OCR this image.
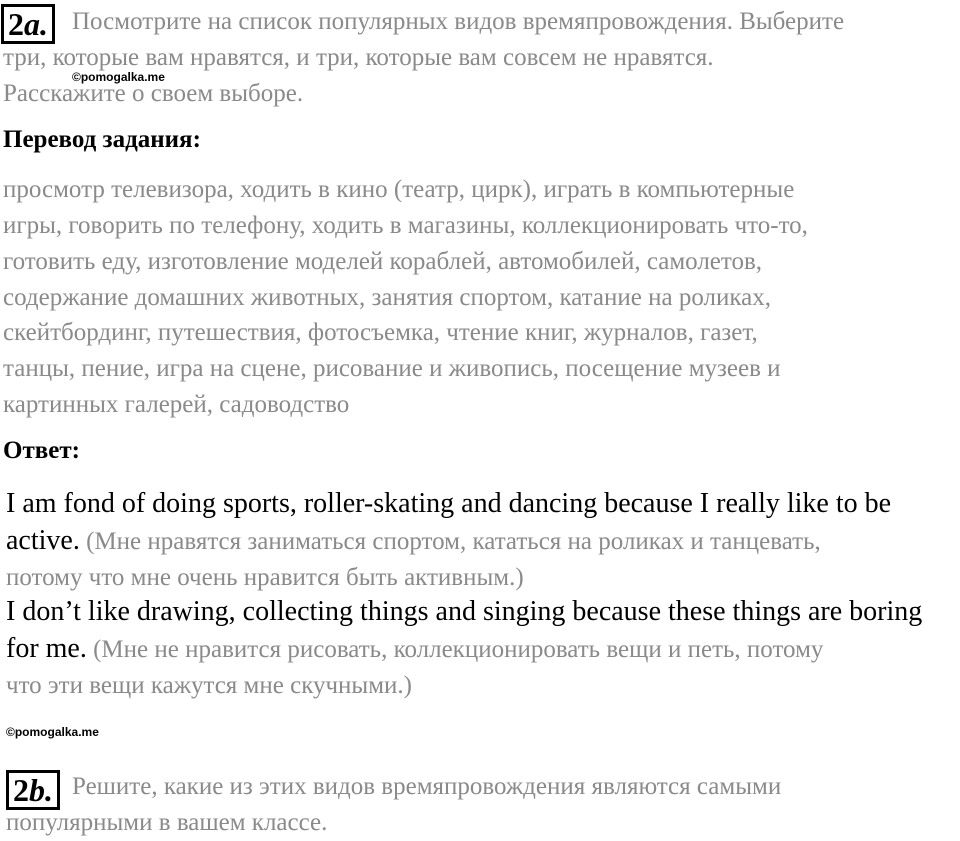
2a. Посмотрите на список популярных видов времяпровождения. Выберите
три, которые вам нравятся, и три, которые вам совсем не нравятся.
Расскажите о своем выборе.
©pomogalka.me
Перевод задания:
просмотр телевизора, ходить в кино (театр, цирк), играть в компьютерные
игры, говорить по телефону, ходить в магазины, коллекционировать что-то,
готовить еду, изготовление моделей кораблей, автомобилей, самолетов,
содержание домашних животных, занятия спортом, катание на роликах,
скейтбординг, путешествия, фотосъемка, чтение книг, журналов, газет,
танцы, пение, игра на сцене, рисование и живопись, посещение музеев и
картинных галерей, садоводство
Ответ:
I am fond of doing sports, roller-skating and dancing because I really like to be
active. (Мне нравятся заниматься спортом, кататься на роликах и танцевать,
потому что мне очень нравится быть активным.)
I don’t like drawing, collecting things and singing because these things are boring
for me. (Мне не нравится рисовать, коллекционировать вещи и петь, потому
что эти вещи кажутся мне скучными.)
©pomogalka.me
2b. Решите, какие из этих видов времяпровождения являются самыми
популярными в вашем классе.
